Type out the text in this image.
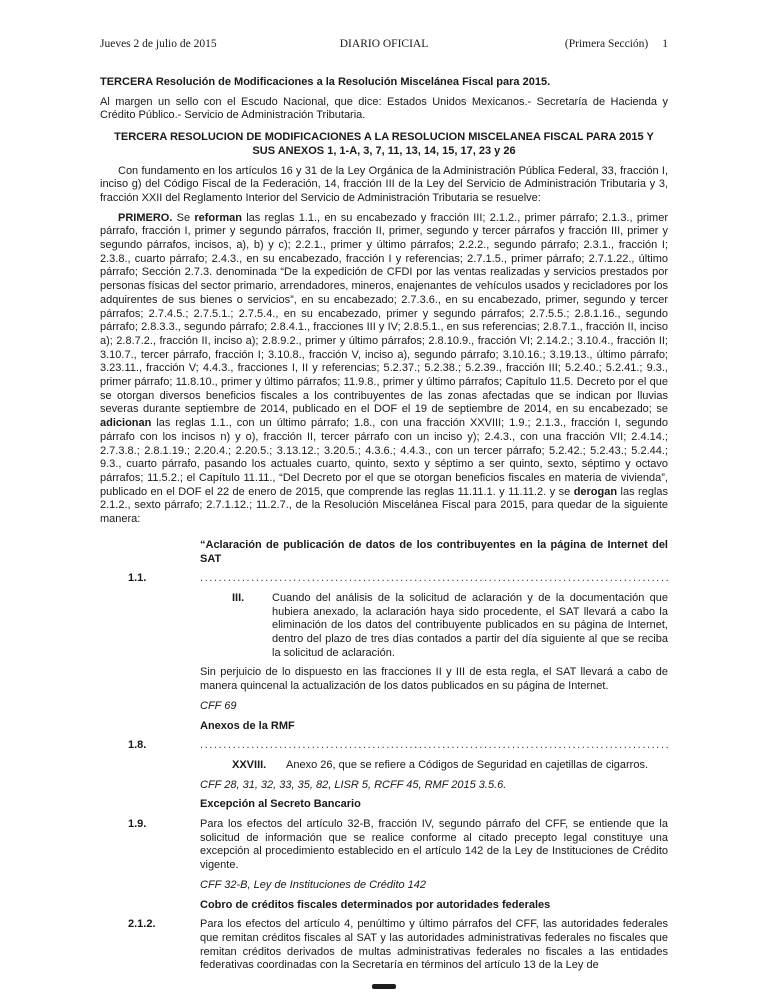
Jueves 2 de julio de 2015	DIARIO OFICIAL	(Primera Sección) 1

TERCERA Resolución de Modificaciones a la Resolución Miscelánea Fiscal para 2015.

Al margen un sello con el Escudo Nacional, que dice: Estados Unidos Mexicanos.- Secretaría de Hacienda y Crédito Público.- Servicio de Administración Tributaria.

TERCERA RESOLUCION DE MODIFICACIONES A LA RESOLUCION MISCELANEA FISCAL PARA 2015 Y SUS ANEXOS 1, 1-A, 3, 7, 11, 13, 14, 15, 17, 23 y 26

Con fundamento en los artículos 16 y 31 de la Ley Orgánica de la Administración Pública Federal, 33, fracción I, inciso g) del Código Fiscal de la Federación, 14, fracción III de la Ley del Servicio de Administración Tributaria y 3, fracción XXII del Reglamento Interior del Servicio de Administración Tributaria se resuelve:

PRIMERO. Se reforman las reglas 1.1., en su encabezado y fracción III; 2.1.2., primer párrafo; 2.1.3., primer párrafo, fracción I, primer y segundo párrafos, fracción II, primer, segundo y tercer párrafos y fracción III, primer y segundo párrafos, incisos, a), b) y c); 2.2.1., primer y último párrafos; 2.2.2., segundo párrafo; 2.3.1., fracción I; 2.3.8., cuarto párrafo; 2.4.3., en su encabezado, fracción I y referencias; 2.7.1.5., primer párrafo; 2.7.1.22., último párrafo; Sección 2.7.3. denominada “De la expedición de CFDI por las ventas realizadas y servicios prestados por personas físicas del sector primario, arrendadores, mineros, enajenantes de vehículos usados y recicladores por los adquirentes de sus bienes o servicios”, en su encabezado; 2.7.3.6., en su encabezado, primer, segundo y tercer párrafos; 2.7.4.5.; 2.7.5.1.; 2.7.5.4., en su encabezado, primer y segundo párrafos; 2.7.5.5.; 2.8.1.16., segundo párrafo; 2.8.3.3., segundo párrafo; 2.8.4.1., fracciones III y IV; 2.8.5.1., en sus referencias; 2.8.7.1., fracción II, inciso a); 2.8.7.2., fracción II, inciso a); 2.8.9.2., primer y último párrafos; 2.8.10.9., fracción VI; 2.14.2.; 3.10.4., fracción II; 3.10.7., tercer párrafo, fracción I; 3.10.8., fracción V, inciso a), segundo párrafo; 3.10.16.; 3.19.13., último párrafo; 3.23.11., fracción V; 4.4.3., fracciones I, II y referencias; 5.2.37.; 5.2.38.; 5.2.39., fracción III; 5.2.40.; 5.2.41.; 9.3., primer párrafo; 11.8.10., primer y último párrafos; 11.9.8., primer y último párrafos; Capítulo 11.5. Decreto por el que se otorgan diversos beneficios fiscales a los contribuyentes de las zonas afectadas que se indican por lluvias severas durante septiembre de 2014, publicado en el DOF el 19 de septiembre de 2014, en su encabezado; se adicionan las reglas 1.1., con un último párrafo; 1.8., con una fracción XXVIII; 1.9.; 2.1.3., fracción I, segundo párrafo con los incisos n) y o), fracción II, tercer párrafo con un inciso y); 2.4.3., con una fracción VII; 2.4.14.; 2.7.3.8.; 2.8.1.19.; 2.20.4.; 2.20.5.; 3.13.12.; 3.20.5.; 4.3.6.; 4.4.3., con un tercer párrafo; 5.2.42.; 5.2.43.; 5.2.44.; 9.3., cuarto párrafo, pasando los actuales cuarto, quinto, sexto y séptimo a ser quinto, sexto, séptimo y octavo párrafos; 11.5.2.; el Capítulo 11.11., “Del Decreto por el que se otorgan beneficios fiscales en materia de vivienda”, publicado en el DOF el 22 de enero de 2015, que comprende las reglas 11.11.1. y 11.11.2. y se derogan las reglas 2.1.2., sexto párrafo; 2.7.1.12.; 11.2.7., de la Resolución Miscelánea Fiscal para 2015, para quedar de la siguiente manera:

“Aclaración de publicación de datos de los contribuyentes en la página de Internet del SAT

1.1.
.....
III.	Cuando del análisis de la solicitud de aclaración y de la documentación que hubiera anexado, la aclaración haya sido procedente, el SAT llevará a cabo la eliminación de los datos del contribuyente publicados en su página de Internet, dentro del plazo de tres días contados a partir del día siguiente al que se reciba la solicitud de aclaración.

Sin perjuicio de lo dispuesto en las fracciones II y III de esta regla, el SAT llevará a cabo de manera quincenal la actualización de los datos publicados en su página de Internet.

CFF 69

Anexos de la RMF

1.8.
.....
XXVIII.	Anexo 26, que se refiere a Códigos de Seguridad en cajetillas de cigarros.

CFF 28, 31, 32, 33, 35, 82, LISR 5, RCFF 45, RMF 2015 3.5.6.

Excepción al Secreto Bancario

1.9.	Para los efectos del artículo 32-B, fracción IV, segundo párrafo del CFF, se entiende que la solicitud de información que se realice conforme al citado precepto legal constituye una excepción al procedimiento establecido en el artículo 142 de la Ley de Instituciones de Crédito vigente.

CFF 32-B, Ley de Instituciones de Crédito 142

Cobro de créditos fiscales determinados por autoridades federales

2.1.2.	Para los efectos del artículo 4, penúltimo y último párrafos del CFF, las autoridades federales que remitan créditos fiscales al SAT y las autoridades administrativas federales no fiscales que remitan créditos derivados de multas administrativas federales no fiscales a las entidades federativas coordinadas con la Secretaría en términos del artículo 13 de la Ley de
